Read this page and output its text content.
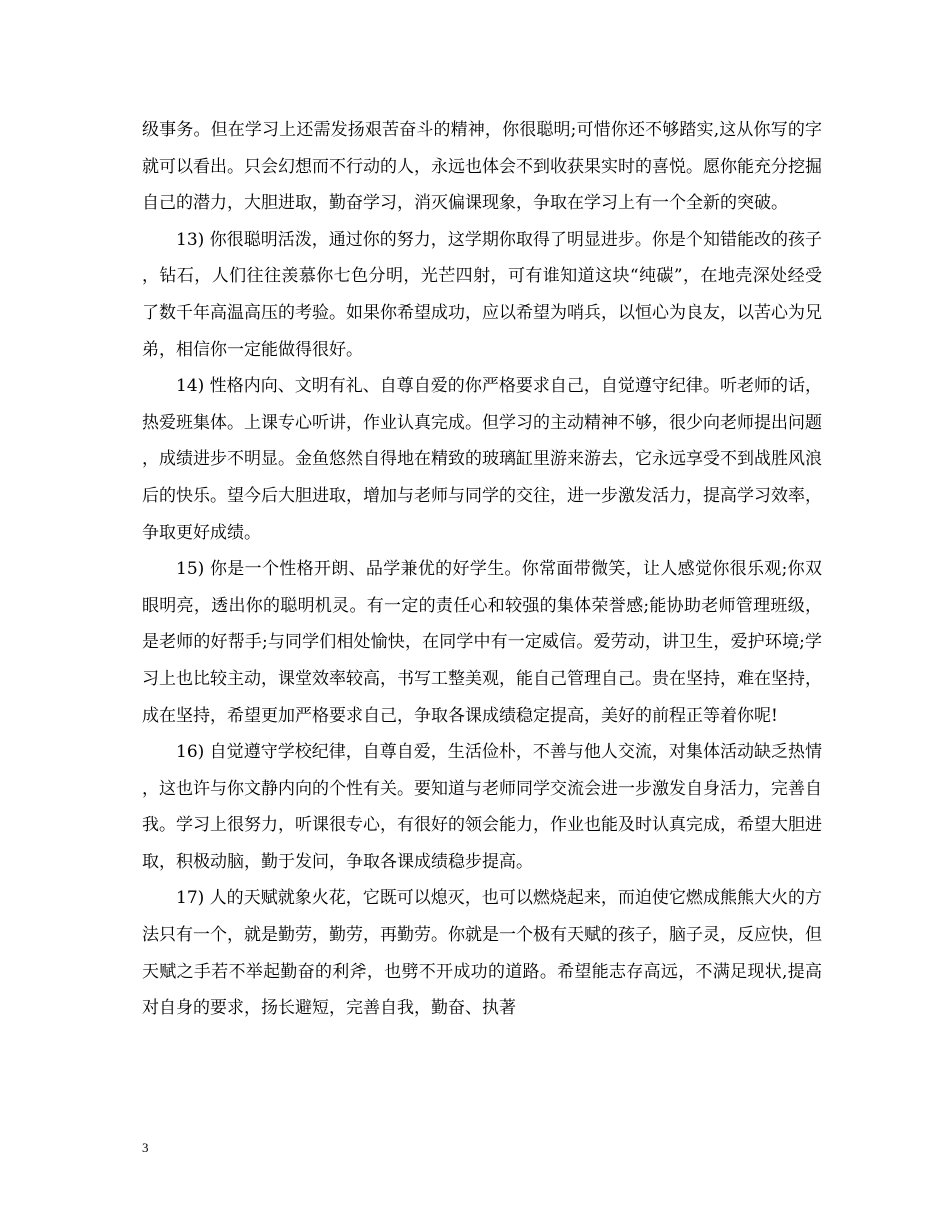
级事务。但在学习上还需发扬艰苦奋斗的精神，你很聪明;可惜你还不够踏实,这从你写的字就可以看出。只会幻想而不行动的人，永远也体会不到收获果实时的喜悦。愿你能充分挖掘自己的潜力，大胆进取，勤奋学习，消灭偏课现象，争取在学习上有一个全新的突破。

13) 你很聪明活泼，通过你的努力，这学期你取得了明显进步。你是个知错能改的孩子，钻石，人们往往羡慕你七色分明，光芒四射，可有谁知道这块“纯碳”，在地壳深处经受了数千年高温高压的考验。如果你希望成功，应以希望为哨兵，以恒心为良友，以苦心为兄弟，相信你一定能做得很好。

14) 性格内向、文明有礼、自尊自爱的你严格要求自己，自觉遵守纪律。听老师的话，热爱班集体。上课专心听讲，作业认真完成。但学习的主动精神不够，很少向老师提出问题，成绩进步不明显。金鱼悠然自得地在精致的玻璃缸里游来游去，它永远享受不到战胜风浪后的快乐。望今后大胆进取，增加与老师与同学的交往，进一步激发活力，提高学习效率，争取更好成绩。

15) 你是一个性格开朗、品学兼优的好学生。你常面带微笑，让人感觉你很乐观;你双眼明亮，透出你的聪明机灵。有一定的责任心和较强的集体荣誉感;能协助老师管理班级，是老师的好帮手;与同学们相处愉快，在同学中有一定威信。爱劳动，讲卫生，爱护环境;学习上也比较主动，课堂效率较高，书写工整美观，能自己管理自己。贵在坚持，难在坚持，成在坚持，希望更加严格要求自己，争取各课成绩稳定提高，美好的前程正等着你呢!

16) 自觉遵守学校纪律，自尊自爱，生活俭朴，不善与他人交流，对集体活动缺乏热情，这也许与你文静内向的个性有关。要知道与老师同学交流会进一步激发自身活力，完善自我。学习上很努力，听课很专心，有很好的领会能力，作业也能及时认真完成，希望大胆进取，积极动脑，勤于发问，争取各课成绩稳步提高。

17) 人的天赋就象火花，它既可以熄灭，也可以燃烧起来，而迫使它燃成熊熊大火的方法只有一个，就是勤劳，勤劳，再勤劳。你就是一个极有天赋的孩子，脑子灵，反应快，但天赋之手若不举起勤奋的利斧，也劈不开成功的道路。希望能志存高远，不满足现状,提高对自身的要求，扬长避短，完善自我，勤奋、执著

3
